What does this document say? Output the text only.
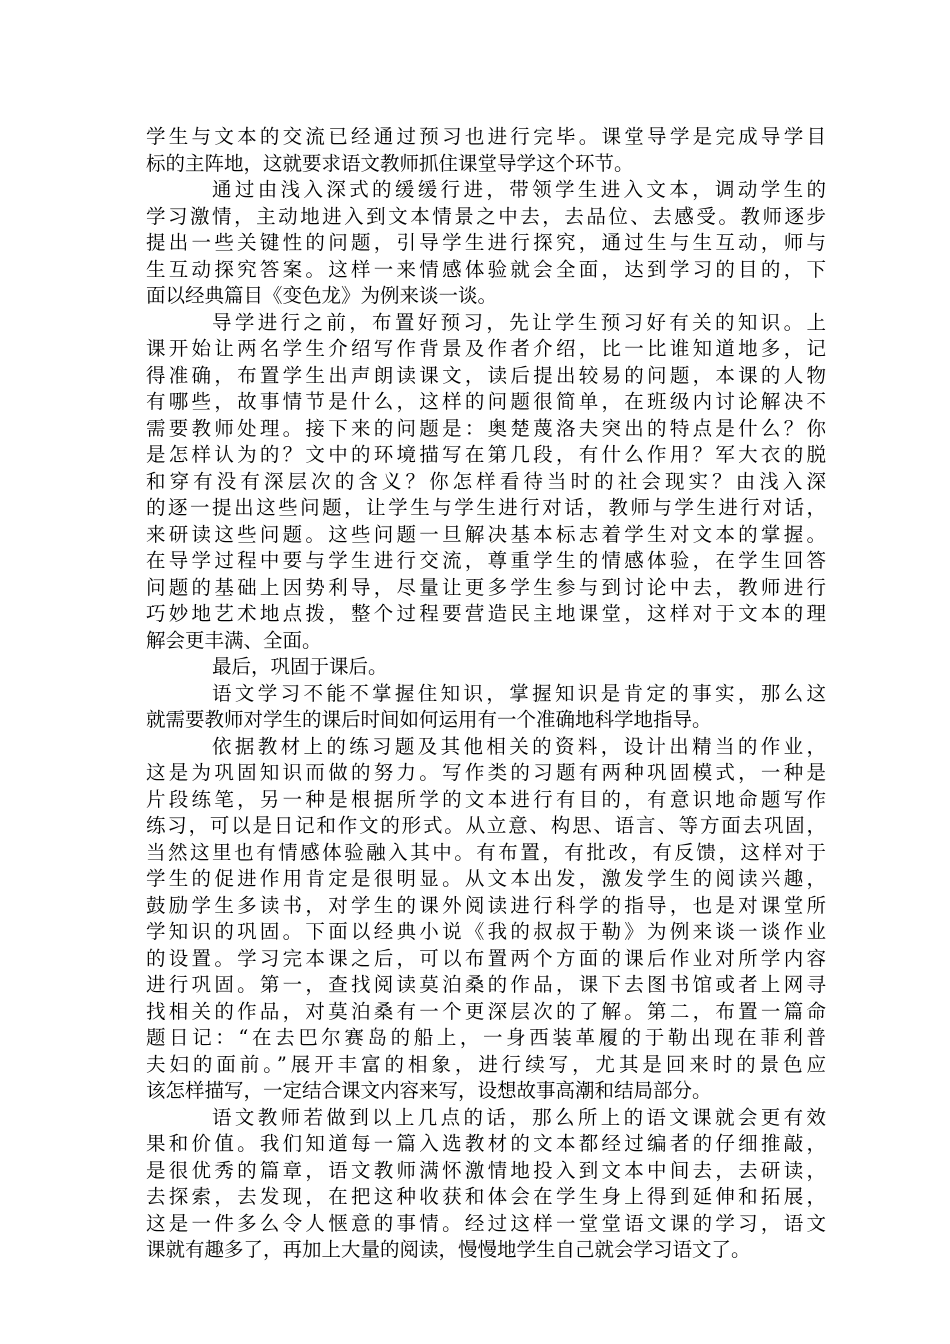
学生与文本的交流已经通过预习也进行完毕。课堂导学是完成导学目
标的主阵地，这就要求语文教师抓住课堂导学这个环节。
通过由浅入深式的缓缓行进，带领学生进入文本，调动学生的
学习激情，主动地进入到文本情景之中去，去品位、去感受。教师逐步
提出一些关键性的问题，引导学生进行探究，通过生与生互动，师与
生互动探究答案。这样一来情感体验就会全面，达到学习的目的，下
面以经典篇目《变色龙》为例来谈一谈。
导学进行之前，布置好预习，先让学生预习好有关的知识。上
课开始让两名学生介绍写作背景及作者介绍，比一比谁知道地多，记
得准确，布置学生出声朗读课文，读后提出较易的问题，本课的人物
有哪些，故事情节是什么，这样的问题很简单，在班级内讨论解决不
需要教师处理。接下来的问题是：奥楚蔑洛夫突出的特点是什么？你
是怎样认为的？文中的环境描写在第几段，有什么作用？军大衣的脱
和穿有没有深层次的含义？你怎样看待当时的社会现实？由浅入深
的逐一提出这些问题，让学生与学生进行对话，教师与学生进行对话，
来研读这些问题。这些问题一旦解决基本标志着学生对文本的掌握。
在导学过程中要与学生进行交流，尊重学生的情感体验，在学生回答
问题的基础上因势利导，尽量让更多学生参与到讨论中去，教师进行
巧妙地艺术地点拨，整个过程要营造民主地课堂，这样对于文本的理
解会更丰满、全面。
最后，巩固于课后。
语文学习不能不掌握住知识，掌握知识是肯定的事实，那么这
就需要教师对学生的课后时间如何运用有一个准确地科学地指导。
依据教材上的练习题及其他相关的资料，设计出精当的作业，
这是为巩固知识而做的努力。写作类的习题有两种巩固模式，一种是
片段练笔，另一种是根据所学的文本进行有目的，有意识地命题写作
练习，可以是日记和作文的形式。从立意、构思、语言、等方面去巩固，
当然这里也有情感体验融入其中。有布置，有批改，有反馈，这样对于
学生的促进作用肯定是很明显。从文本出发，激发学生的阅读兴趣，
鼓励学生多读书，对学生的课外阅读进行科学的指导，也是对课堂所
学知识的巩固。下面以经典小说《我的叔叔于勒》为例来谈一谈作业
的设置。学习完本课之后，可以布置两个方面的课后作业对所学内容
进行巩固。第一，查找阅读莫泊桑的作品，课下去图书馆或者上网寻
找相关的作品，对莫泊桑有一个更深层次的了解。第二，布置一篇命
题日记：“在去巴尔赛岛的船上，一身西装革履的于勒出现在菲利普
夫妇的面前。”展开丰富的相象，进行续写，尤其是回来时的景色应
该怎样描写，一定结合课文内容来写，设想故事高潮和结局部分。
语文教师若做到以上几点的话，那么所上的语文课就会更有效
果和价值。我们知道每一篇入选教材的文本都经过编者的仔细推敲，
是很优秀的篇章，语文教师满怀激情地投入到文本中间去，去研读，
去探索，去发现，在把这种收获和体会在学生身上得到延伸和拓展，
这是一件多么令人惬意的事情。经过这样一堂堂语文课的学习，语文
课就有趣多了，再加上大量的阅读，慢慢地学生自己就会学习语文了。
